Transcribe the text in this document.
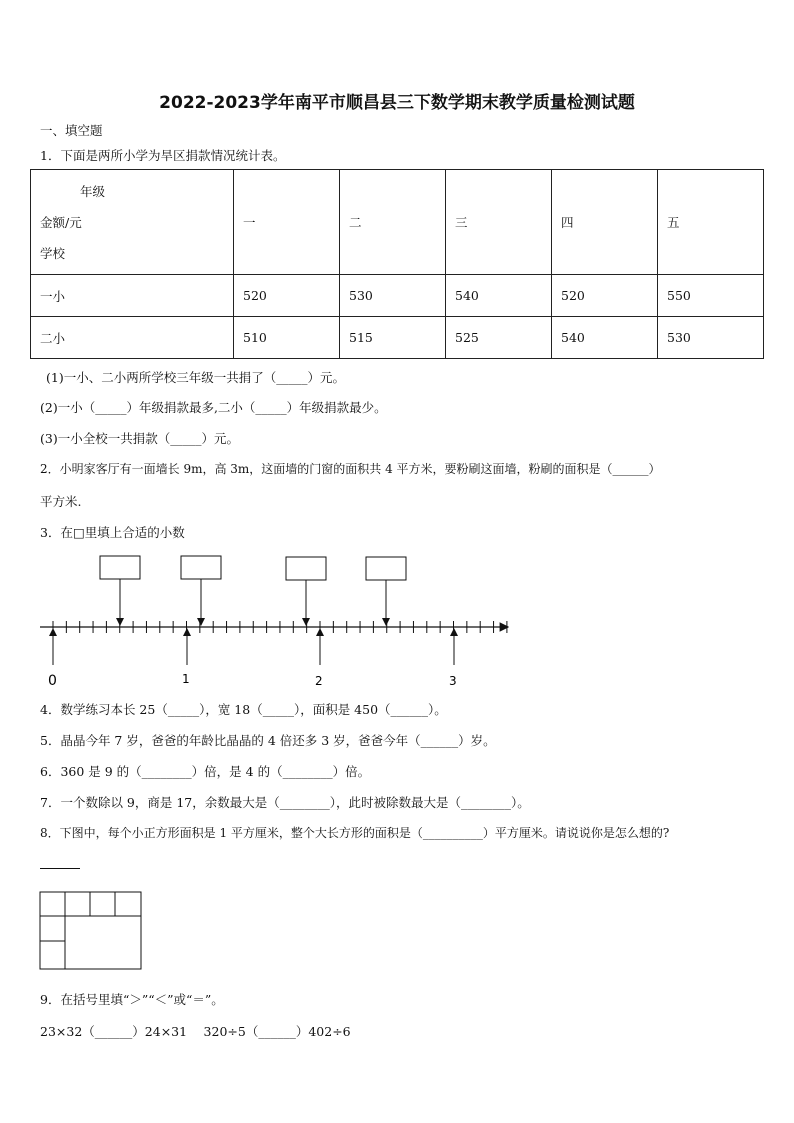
2022-2023学年南平市顺昌县三下数学期末教学质量检测试题
一、填空题
1．下面是两所小学为旱区捐款情况统计表。
年级
金额/元
学校	一	二	三	四	五
一小	520	530	540	520	550
二小	510	515	525	540	530
(1)一小、二小两所学校三年级一共捐了（_____）元。
(2)一小（_____）年级捐款最多,二小（_____）年级捐款最少。
(3)一小全校一共捐款（_____）元。
2．小明家客厅有一面墙长 9m，高 3m，这面墙的门窗的面积共 4 平方米，要粉刷这面墙，粉刷的面积是（______）
平方米.
3．在□里填上合适的小数
0	1	2	3
4．数学练习本长 25（_____），宽 18（_____），面积是 450（______）。
5．晶晶今年 7 岁，爸爸的年龄比晶晶的 4 倍还多 3 岁，爸爸今年（______）岁。
6．360 是 9 的（________）倍，是 4 的（________）倍。
7．一个数除以 9，商是 17，余数最大是（________），此时被除数最大是（________）。
8．下图中，每个小正方形面积是 1 平方厘米，整个大长方形的面积是（__________）平方厘米。请说说你是怎么想的?
9．在括号里填“＞”“＜”或“＝”。
23×32（______）24×31　 320÷5（______）402÷6
